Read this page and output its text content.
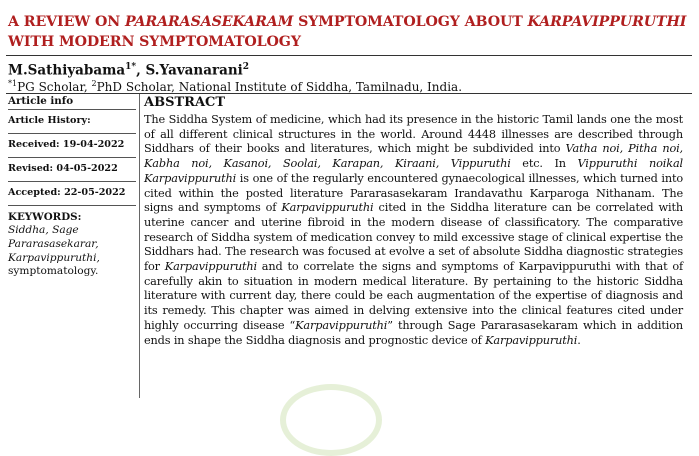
A REVIEW ON PARARASASEKARAM SYMPTOMATOLOGY ABOUT KARPAVIPPURUTHI WITH MODERN SYMPTOMATOLOGY
M.Sathiyabama$^{1*}$, S.Yavanarani$^2$
$^{*1}$PG Scholar, $^2$PhD Scholar, National Institute of Siddha, Tamilnadu, India.
Article info
Article History:
Received: 19-04-2022
Revised: 04-05-2022
Accepted: 22-05-2022
KEYWORDS:
Siddha, Sage Pararasasekarar, Karpavippuruthi, symptomatology.
ABSTRACT
The Siddha System of medicine, which had its presence in the historic Tamil lands one the most of all different clinical structures in the world. Around 4448 illnesses are described through Siddhars of their books and literatures, which might be subdivided into Vatha noi, Pitha noi, Kabha noi, Kasanoi, Soolai, Karapan, Kiraani, Vippuruthi etc. In Vippuruthi noikal Karpavippuruthi is one of the regularly encountered gynaecological illnesses, which turned into cited within the posted literature Pararasasekaram Irandavathu Karparoga Nithanam. The signs and symptoms of Karpavippuruthi cited in the Siddha literature can be correlated with uterine cancer and uterine fibroid in the modern disease of classificatory. The comparative research of Siddha system of medication convey to mild excessive stage of clinical expertise the Siddhars had. The research was focused at evolve a set of absolute Siddha diagnostic strategies for Karpavippuruthi and to correlate the signs and symptoms of Karpavippuruthi with that of carefully akin to situation in modern medical literature. By pertaining to the historic Siddha literature with current day, there could be each augmentation of the expertise of diagnosis and its remedy. This chapter was aimed in delving extensive into the clinical features cited under highly occurring disease “Karpavippuruthi” through Sage Pararasasekaram which in addition ends in shape the Siddha diagnosis and prognostic device of Karpavippuruthi.
